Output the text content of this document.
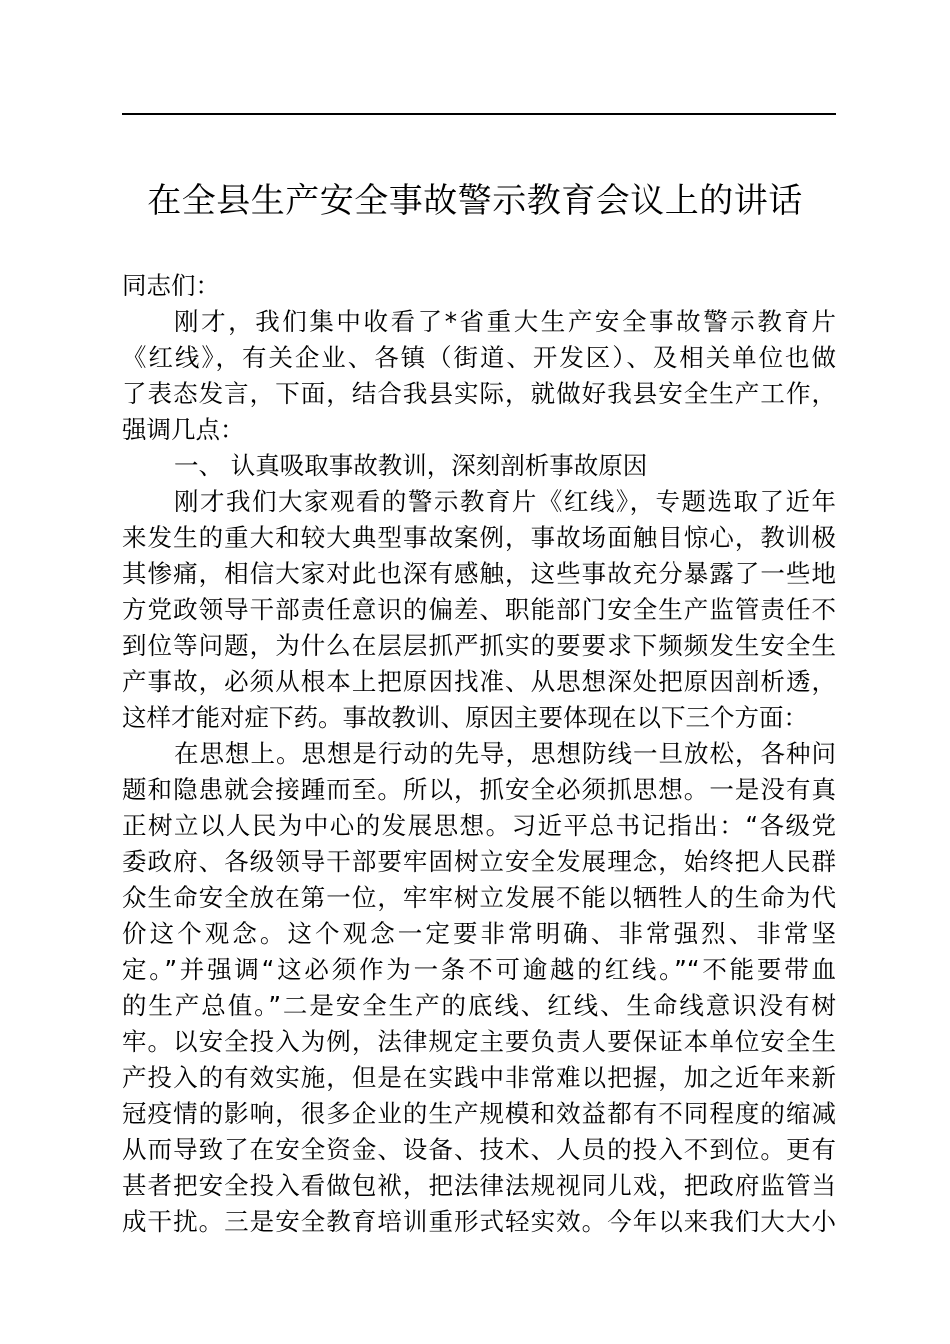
在全县生产安全事故警示教育会议上的讲话
同志们：
刚才，我们集中收看了*省重大生产安全事故警示教育片
《红线》，有关企业、各镇（街道、开发区）、及相关单位也做
了表态发言，下面，结合我县实际，就做好我县安全生产工作，
强调几点：
一、 认真吸取事故教训，深刻剖析事故原因
刚才我们大家观看的警示教育片《红线》，专题选取了近年
来发生的重大和较大典型事故案例，事故场面触目惊心，教训极
其惨痛，相信大家对此也深有感触，这些事故充分暴露了一些地
方党政领导干部责任意识的偏差、职能部门安全生产监管责任不
到位等问题，为什么在层层抓严抓实的要要求下频频发生安全生
产事故，必须从根本上把原因找准、从思想深处把原因剖析透，
这样才能对症下药。事故教训、原因主要体现在以下三个方面：
在思想上。思想是行动的先导，思想防线一旦放松，各种问
题和隐患就会接踵而至。所以，抓安全必须抓思想。一是没有真
正树立以人民为中心的发展思想。习近平总书记指出：“各级党
委政府、各级领导干部要牢固树立安全发展理念，始终把人民群
众生命安全放在第一位，牢牢树立发展不能以牺牲人的生命为代
价这个观念。这个观念一定要非常明确、非常强烈、非常坚
定。”并强调“这必须作为一条不可逾越的红线。”“不能要带血
的生产总值。”二是安全生产的底线、红线、生命线意识没有树
牢。以安全投入为例，法律规定主要负责人要保证本单位安全生
产投入的有效实施，但是在实践中非常难以把握，加之近年来新
冠疫情的影响，很多企业的生产规模和效益都有不同程度的缩减
从而导致了在安全资金、设备、技术、人员的投入不到位。更有
甚者把安全投入看做包袱，把法律法规视同儿戏，把政府监管当
成干扰。三是安全教育培训重形式轻实效。今年以来我们大大小
